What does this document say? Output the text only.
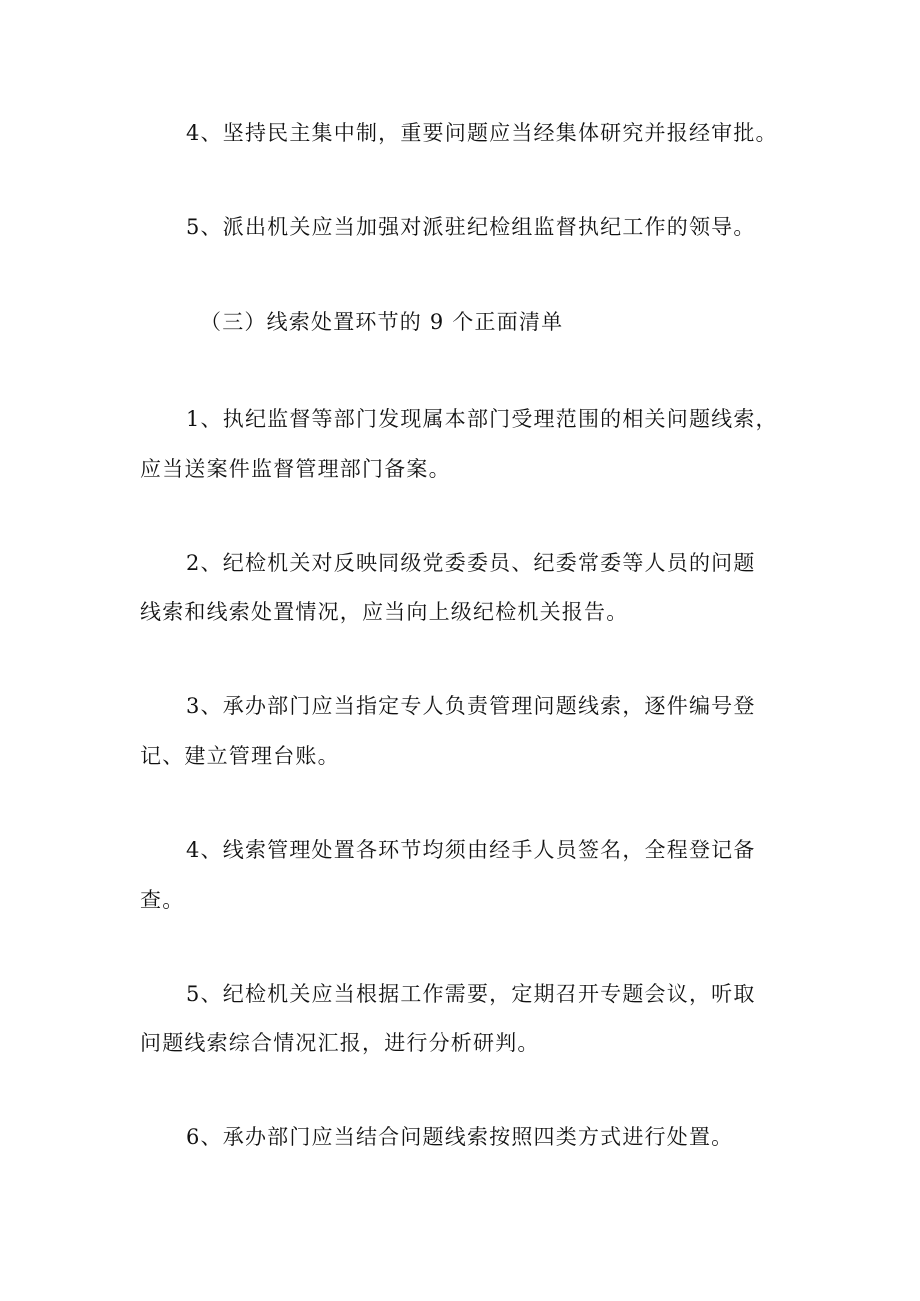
4、坚持民主集中制，重要问题应当经集体研究并报经审批。
5、派出机关应当加强对派驻纪检组监督执纪工作的领导。
（三）线索处置环节的 9 个正面清单
1、执纪监督等部门发现属本部门受理范围的相关问题线索，
应当送案件监督管理部门备案。
2、纪检机关对反映同级党委委员、纪委常委等人员的问题
线索和线索处置情况，应当向上级纪检机关报告。
3、承办部门应当指定专人负责管理问题线索，逐件编号登
记、建立管理台账。
4、线索管理处置各环节均须由经手人员签名，全程登记备
查。
5、纪检机关应当根据工作需要，定期召开专题会议，听取
问题线索综合情况汇报，进行分析研判。
6、承办部门应当结合问题线索按照四类方式进行处置。
